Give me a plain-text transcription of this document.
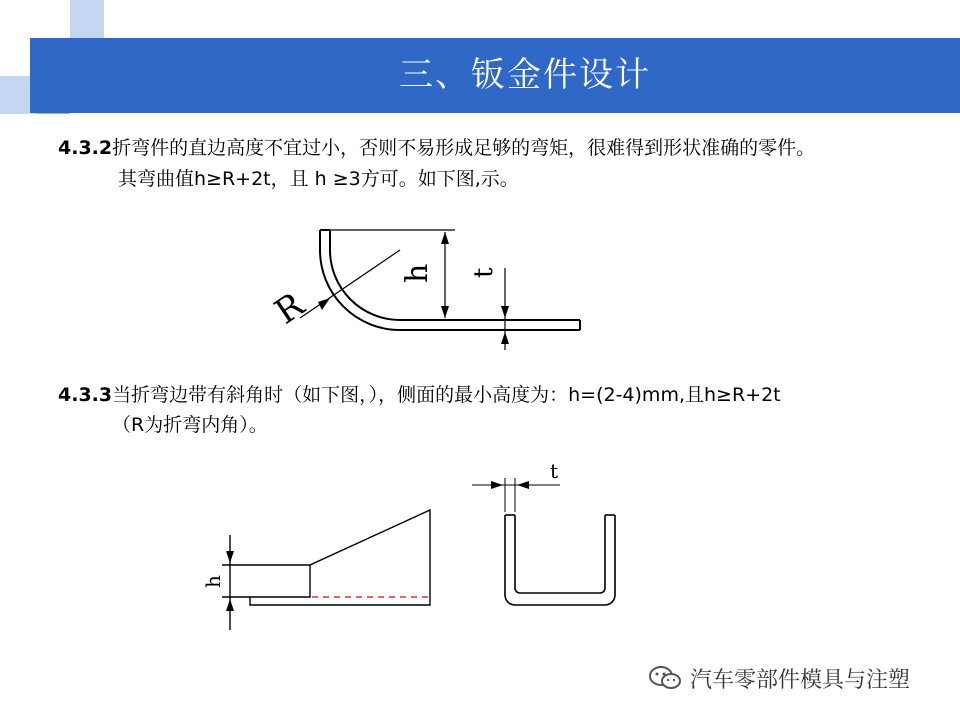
三、钣金件设计
4.3.2折弯件的直边高度不宜过小，否则不易形成足够的弯矩，很难得到形状准确的零件。
其弯曲值h≥R+2t，且 h ≥3方可。如下图,示。
4.3.3当折弯边带有斜角时（如下图，），侧面的最小高度为：h=(2-4)mm,且h≥R+2t
（R为折弯内角）。
R
h t
h
t
汽车零部件模具与注塑
